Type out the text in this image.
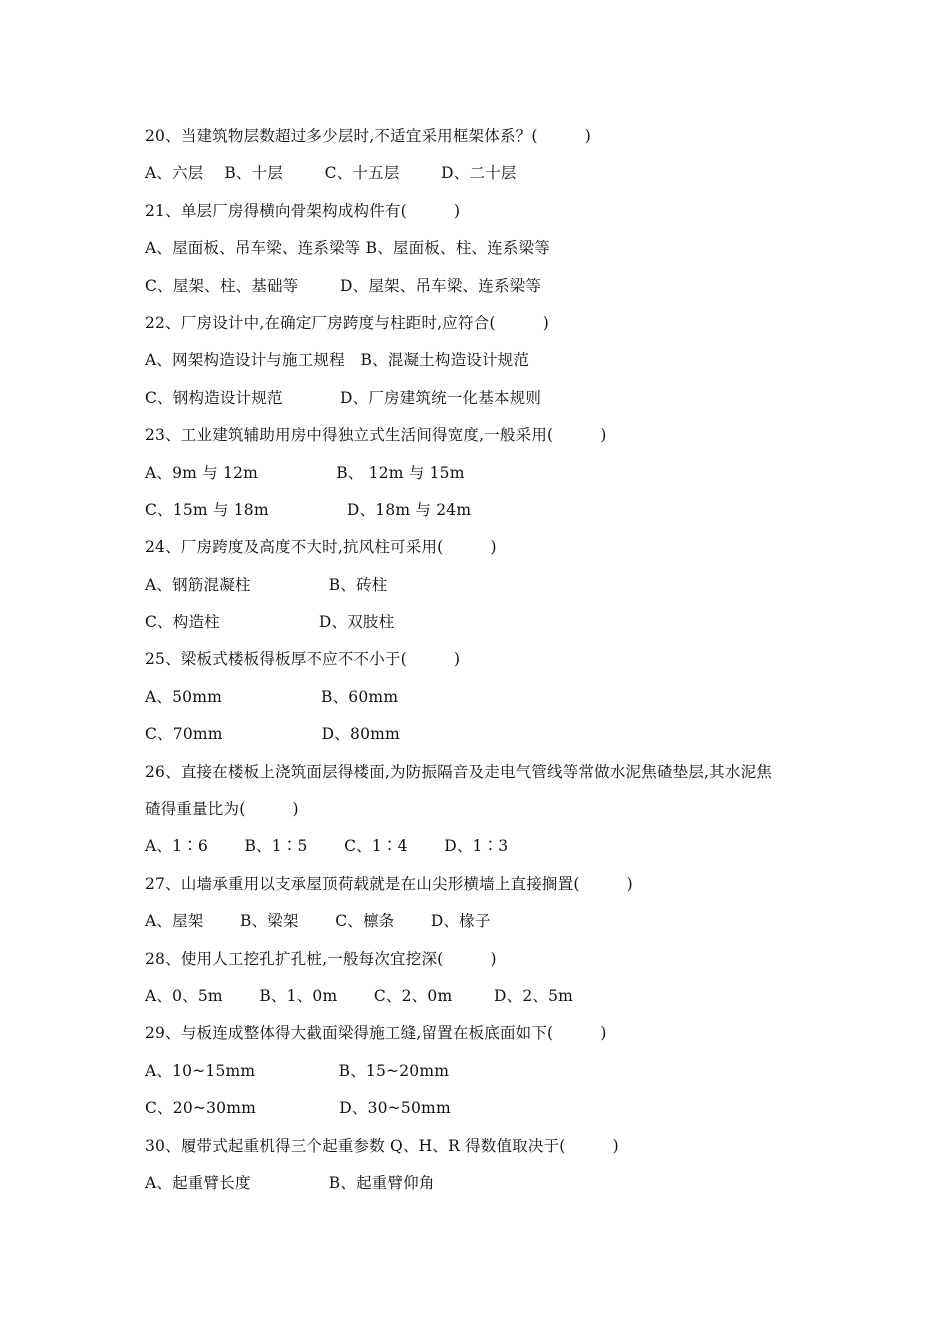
20、当建筑物层数超过多少层时,不适宜采用框架体系？(　　　)
A、六层 　B、十层 　 　C、十五层 　 　D、二十层
21、单层厂房得横向骨架构成构件有(　　　)
A、屋面板、吊车梁、连系梁等 B、屋面板、柱、连系梁等
C、屋架、柱、基础等 　 　D、屋架、吊车梁、连系梁等
22、厂房设计中,在确定厂房跨度与柱距时,应符合(　　　)
A、网架构造设计与施工规程　B、混凝土构造设计规范
C、钢构造设计规范　 　 　D、厂房建筑统一化基本规则
23、工业建筑辅助用房中得独立式生活间得宽度,一般采用(　　　)
A、9m 与 12m　 　 　 　B、 12m 与 15m
C、15m 与 18m　 　 　 　D、18m 与 24m
24、厂房跨度及高度不大时,抗风柱可采用(　　　)
A、钢筋混凝柱　 　 　 　B、砖柱
C、构造柱　 　 　 　 　D、双肢柱
25、梁板式楼板得板厚不应不不小于(　　　)
A、50mm　 　 　 　 　B、60mm
C、70mm　 　 　 　 　D、80mm
26、直接在楼板上浇筑面层得楼面,为防振隔音及走电气管线等常做水泥焦碴垫层,其水泥焦
碴得重量比为(　　　)
A、1∶6　 　B、1∶5　 　C、1∶4　 　D、1∶3
27、山墙承重用以支承屋顶荷载就是在山尖形横墙上直接搁置(　　　)
A、屋架　 　B、梁架　 　C、檩条　 　D、椽子
28、使用人工挖孔扩孔桩,一般每次宜挖深(　　　)
A、0、5m　 　B、1、0m　 　C、2、0m　 　 D、2、5m
29、与板连成整体得大截面梁得施工缝,留置在板底面如下(　　　)
A、10~15mm　 　 　 　 B、15~20mm
C、20~30mm　 　 　 　 D、30~50mm
30、履带式起重机得三个起重参数 Q、H、R 得数值取决于(　　　)
A、起重臂长度　 　 　 　B、起重臂仰角
